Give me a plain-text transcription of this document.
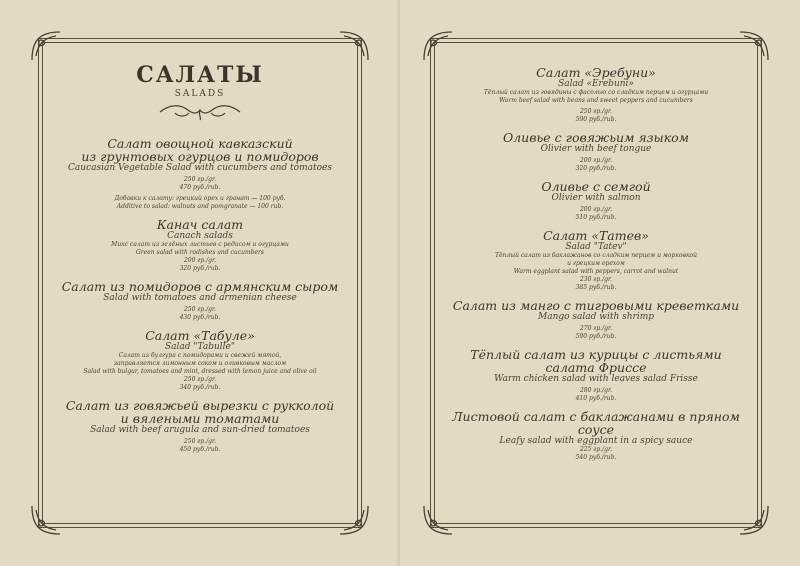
САЛАТЫ
SALADS
Салат овощной кавказский
из грунтовых огурцов и помидоров
Caucasian Vegetable Salad with cucumbers and tomatoes
250 гр./gr.
470 руб./rub.
Добавки к салату: грецкий орех и гранат — 100 руб.
Additive to salad: walnuts and pomgranate — 100 rub.
Канач салат
Canach salads
Микс салат из зелёных листьев с редисом и огурцами
Green salad with radishes and cucumbers
200 гр./gr.
320 руб./rub.
Салат из помидоров с армянским сыром
Salad with tomatoes and armenian cheese
250 гр./gr.
430 руб./rub.
Салат «Табуле»
Salad "Tabulle"
Салат из булгура с помидорами и свежей мятой,
заправляется лимонным соком и оливковым маслом
Salad with bulgur, tomatoes and mint, dressed with lemon juice and olive oil
250 гр./gr.
340 руб./rub.
Салат из говяжьей вырезки с рукколой
и вялеными томатами
Salad with beef arugula and sun-dried tomatoes
250 гр./gr.
450 руб./rub.
Салат «Эребуни»
Salad «Erebuni»
Тёплый салат из говядины с фасолью со сладким перцем и огурцами
Warm beef salad with beans and sweet peppers and cucumbers
250 гр./gr.
590 руб./rub.
Оливье с говяжьим языком
Olivier with beef tongue
200 гр./gr.
320 руб./rub.
Оливье с семгой
Olivier with salmon
200 гр./gr.
510 руб./rub.
Салат «Татев»
Salad "Tatev"
Тёплый салат из баклажанов со сладким перцем и морковкой
и грецким орехом
Warm eggplant salad with peppers, carrot and walnut
230 гр./gr.
385 руб./rub.
Салат из манго с тигровыми креветками
Mango salad with shrimp
270 гр./gr.
590 руб./rub.
Тёплый салат из курицы с листьями
салата Фриссе
Warm chicken salad with leaves salad Frisse
280 гр./gr.
410 руб./rub.
Листовой салат с баклажанами в пряном соусе
Leafy salad with eggplant in a spicy sauce
225 гр./gr.
540 руб./rub.
